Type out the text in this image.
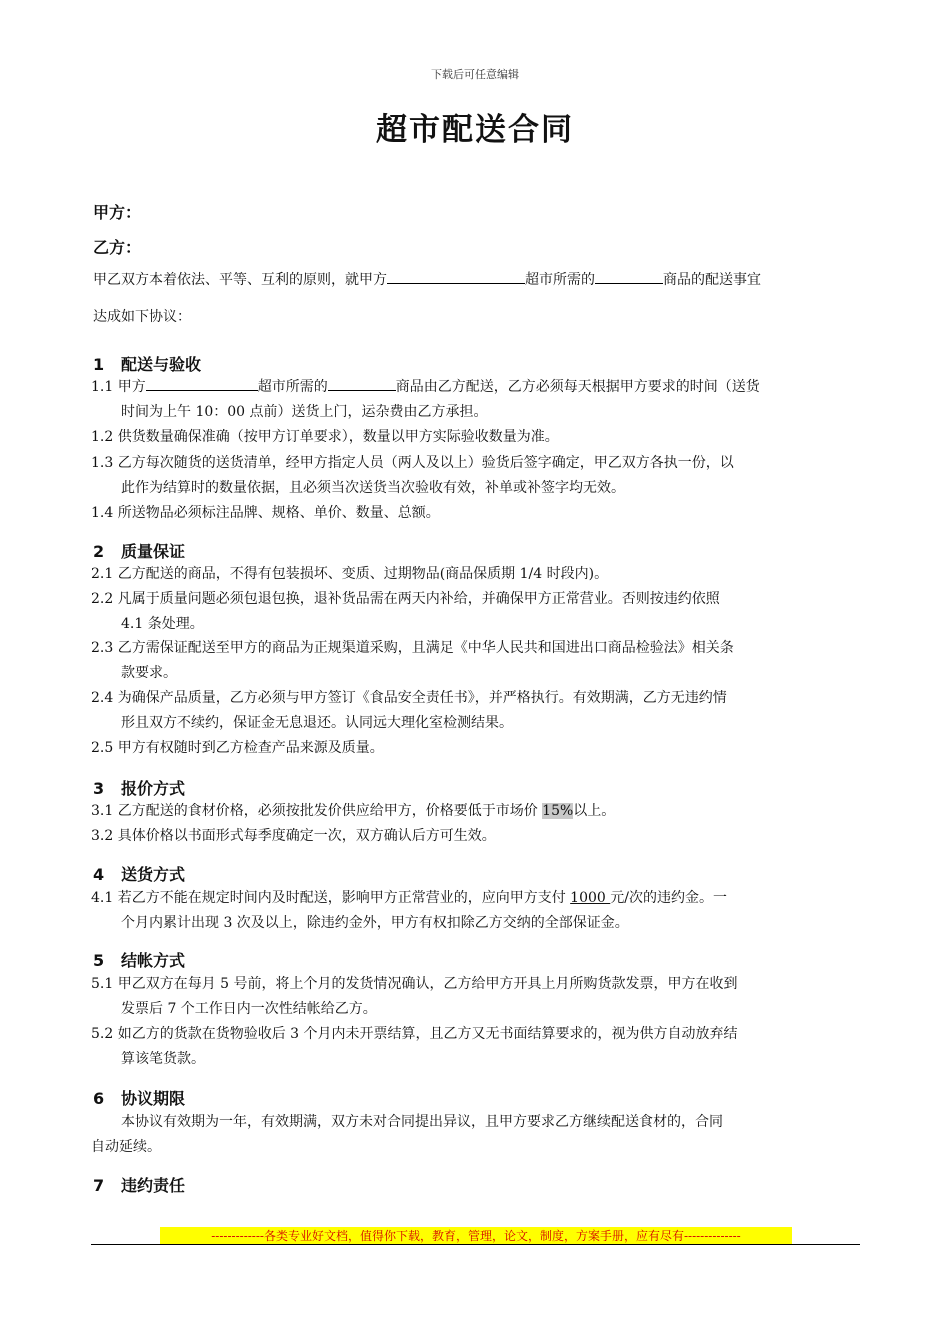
下载后可任意编辑
超市配送合同
甲方：
乙方：
甲乙双方本着依法、平等、互利的原则，就甲方	超市所需的	商品的配送事宜
达成如下协议：
1 配送与验收
1.1 甲方	超市所需的	商品由乙方配送，乙方必须每天根据甲方要求的时间（送货
时间为上午 10：00 点前）送货上门，运杂费由乙方承担。
1.2 供货数量确保准确（按甲方订单要求），数量以甲方实际验收数量为准。
1.3 乙方每次随货的送货清单，经甲方指定人员（两人及以上）验货后签字确定，甲乙双方各执一份，以
此作为结算时的数量依据，且必须当次送货当次验收有效，补单或补签字均无效。
1.4 所送物品必须标注品牌、规格、单价、数量、总额。
2 质量保证
2.1 乙方配送的商品，不得有包装损坏、变质、过期物品(商品保质期 1/4 时段内)。
2.2 凡属于质量问题必须包退包换，退补货品需在两天内补给，并确保甲方正常营业。否则按违约依照
4.1 条处理。
2.3 乙方需保证配送至甲方的商品为正规渠道采购，且满足《中华人民共和国进出口商品检验法》相关条
款要求。
2.4 为确保产品质量，乙方必须与甲方签订《食品安全责任书》，并严格执行。有效期满，乙方无违约情
形且双方不续约，保证金无息退还。认同远大理化室检测结果。
2.5 甲方有权随时到乙方检查产品来源及质量。
3 报价方式
3.1 乙方配送的食材价格，必须按批发价供应给甲方，价格要低于市场价 15%以上。
3.2 具体价格以书面形式每季度确定一次，双方确认后方可生效。
4 送货方式
4.1 若乙方不能在规定时间内及时配送，影响甲方正常营业的，应向甲方支付 1000 元/次的违约金。一
个月内累计出现 3 次及以上，除违约金外，甲方有权扣除乙方交纳的全部保证金。
5 结帐方式
5.1 甲乙双方在每月 5 号前，将上个月的发货情况确认，乙方给甲方开具上月所购货款发票，甲方在收到
发票后 7 个工作日内一次性结帐给乙方。
5.2 如乙方的货款在货物验收后 3 个月内未开票结算，且乙方又无书面结算要求的，视为供方自动放弃结
算该笔货款。
6 协议期限
本协议有效期为一年，有效期满，双方未对合同提出异议，且甲方要求乙方继续配送食材的，合同
自动延续。
7 违约责任
-------------各类专业好文档，值得你下载，教育，管理，论文，制度，方案手册，应有尽有--------------
